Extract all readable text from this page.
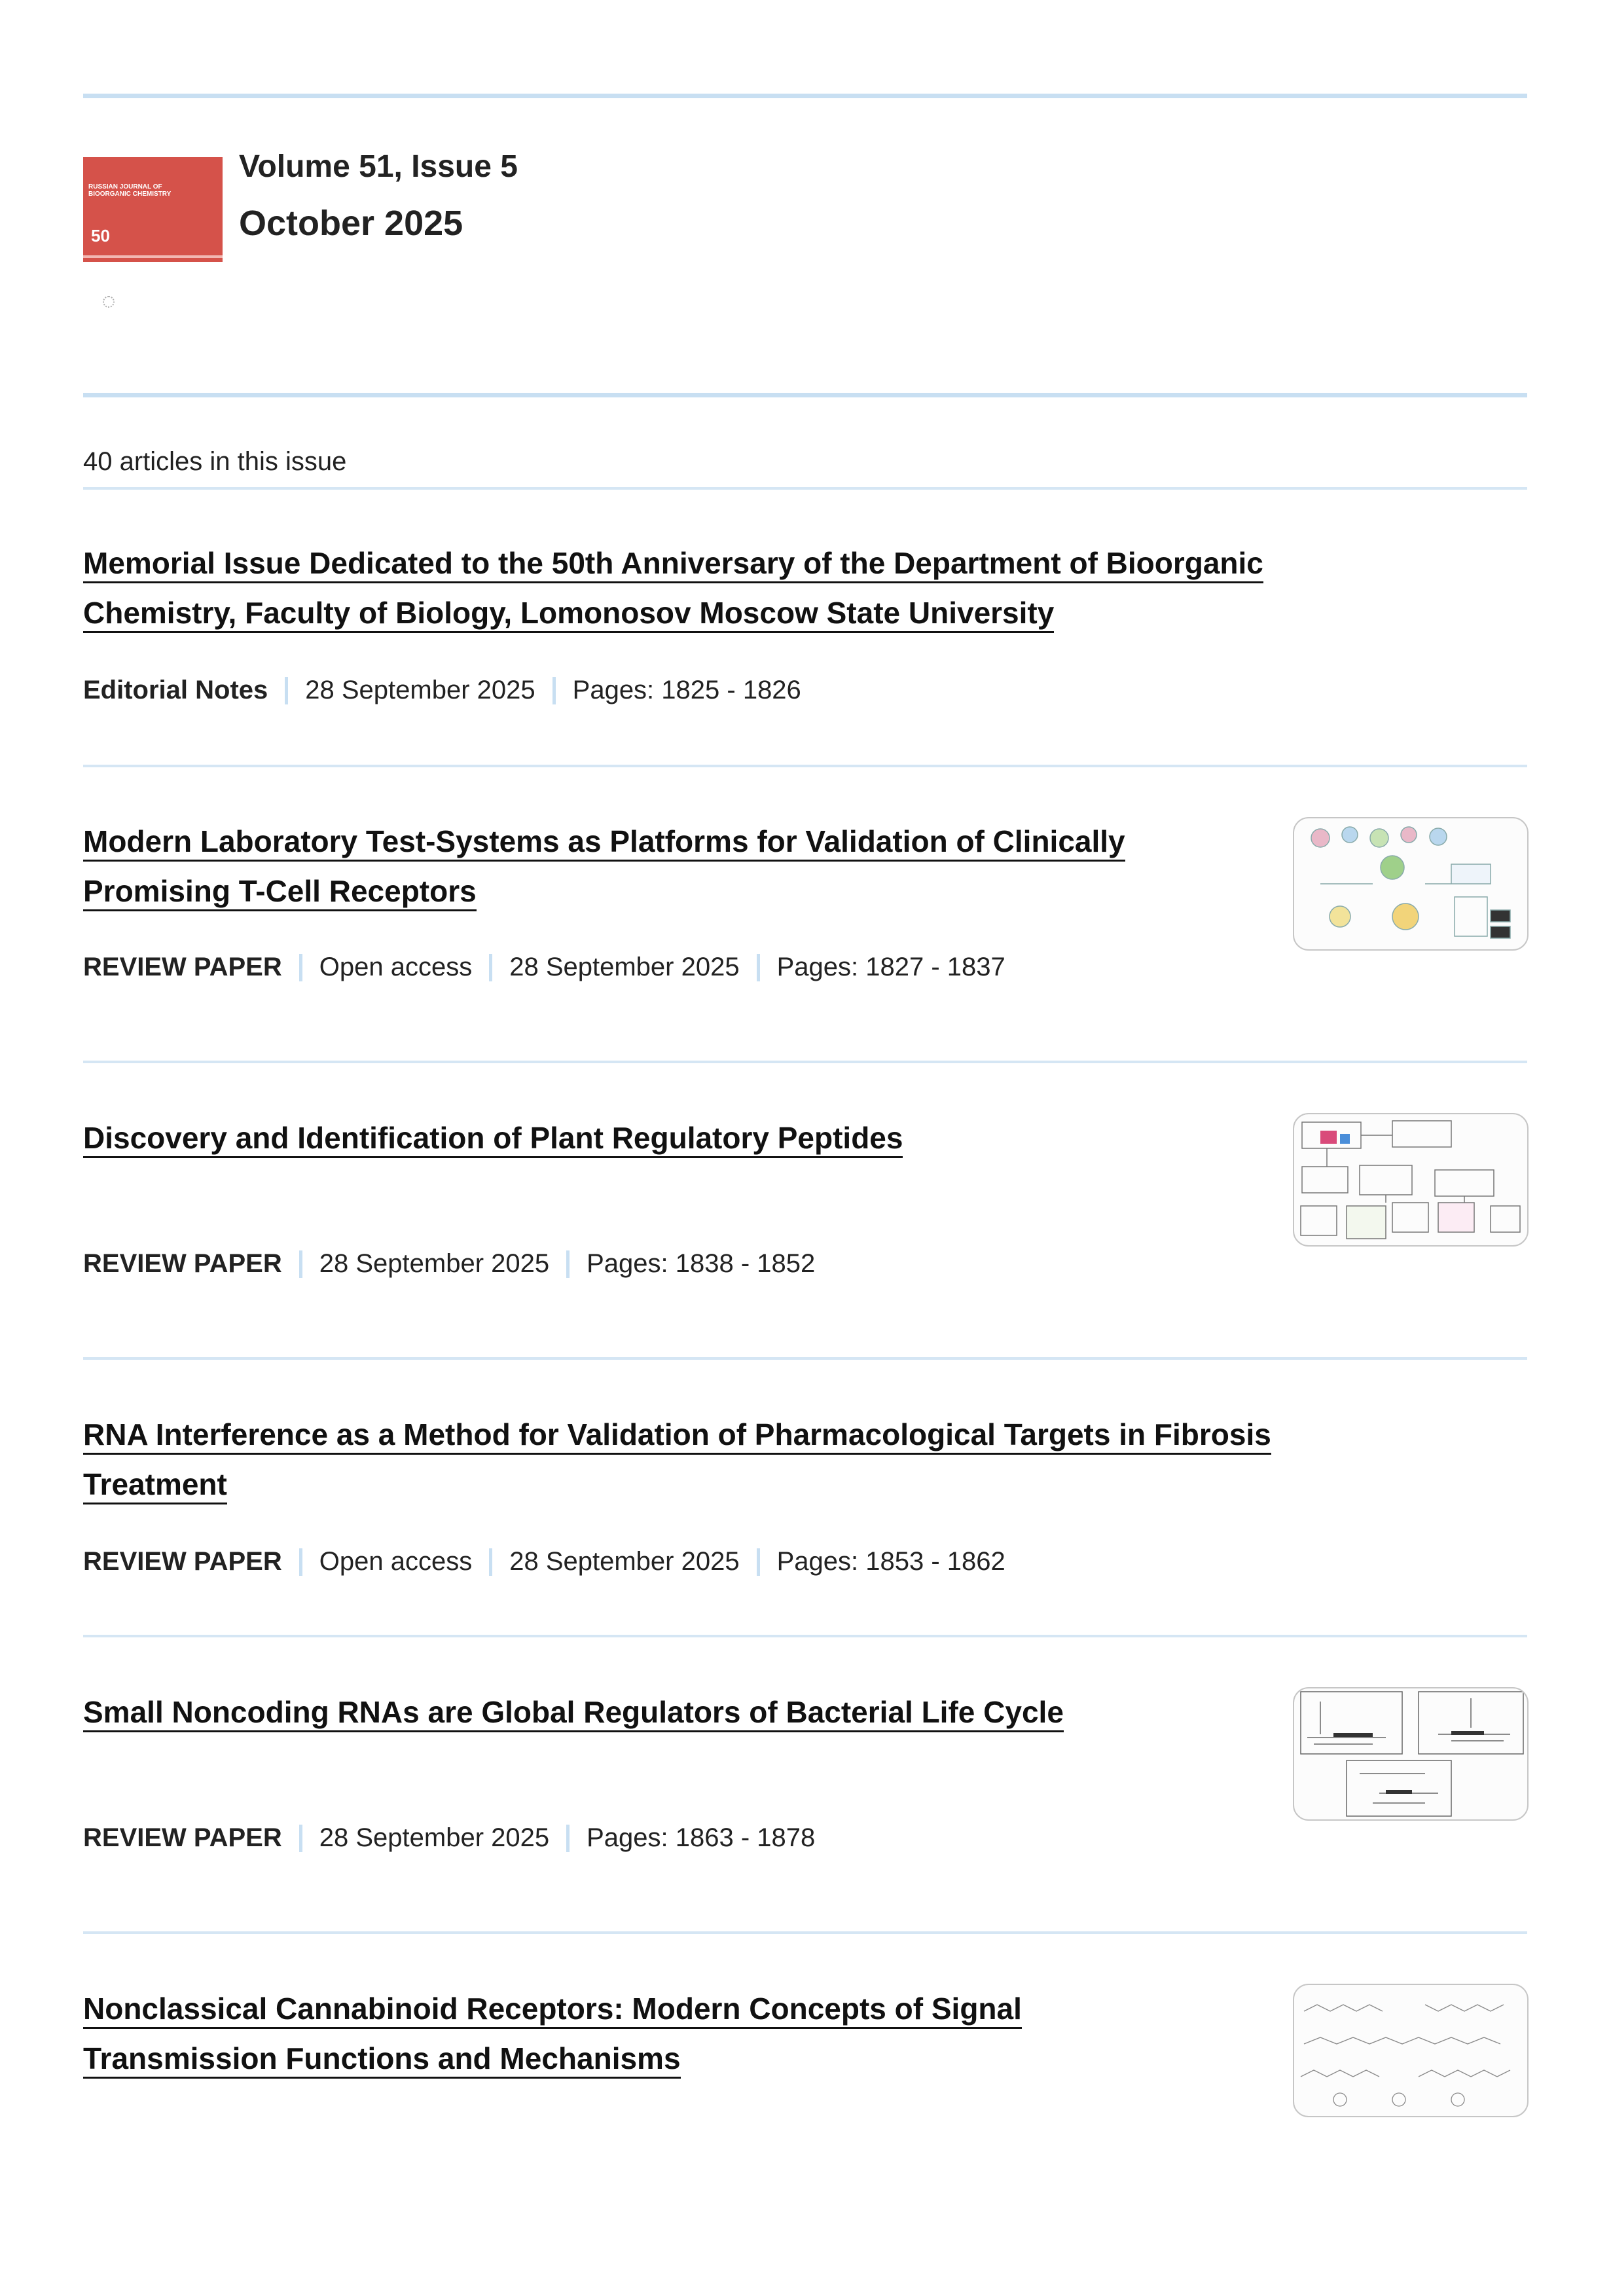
RUSSIAN JOURNAL OF BIOORGANIC CHEMISTRY
50
Volume 51, Issue 5
October 2025
40 articles in this issue
Memorial Issue Dedicated to the 50th Anniversary of the Department of Bioorganic
Chemistry, Faculty of Biology, Lomonosov Moscow State University
Editorial Notes 28 September 2025 Pages: 1825 - 1826
Modern Laboratory Test-Systems as Platforms for Validation of Clinically
Promising T-Cell Receptors
REVIEW PAPER Open access 28 September 2025 Pages: 1827 - 1837
Discovery and Identification of Plant Regulatory Peptides
REVIEW PAPER 28 September 2025 Pages: 1838 - 1852
RNA Interference as a Method for Validation of Pharmacological Targets in Fibrosis
Treatment
REVIEW PAPER Open access 28 September 2025 Pages: 1853 - 1862
Small Noncoding RNAs are Global Regulators of Bacterial Life Cycle
REVIEW PAPER 28 September 2025 Pages: 1863 - 1878
Nonclassical Cannabinoid Receptors: Modern Concepts of Signal
Transmission Functions and Mechanisms
